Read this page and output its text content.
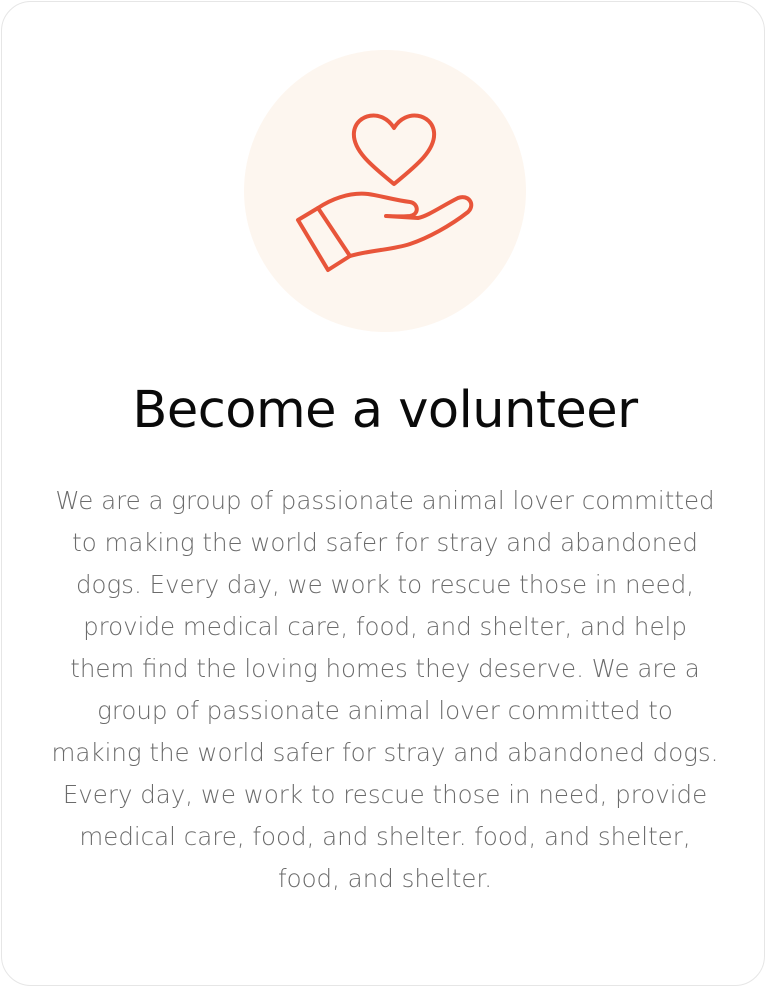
Become a volunteer

We are a group of passionate animal lover committed to making the world safer for stray and abandoned dogs. Every day, we work to rescue those in need, provide medical care, food, and shelter, and help them find the loving homes they deserve. We are a group of passionate animal lover committed to making the world safer for stray and abandoned dogs. Every day, we work to rescue those in need, provide medical care, food, and shelter. food, and shelter, food, and shelter.
